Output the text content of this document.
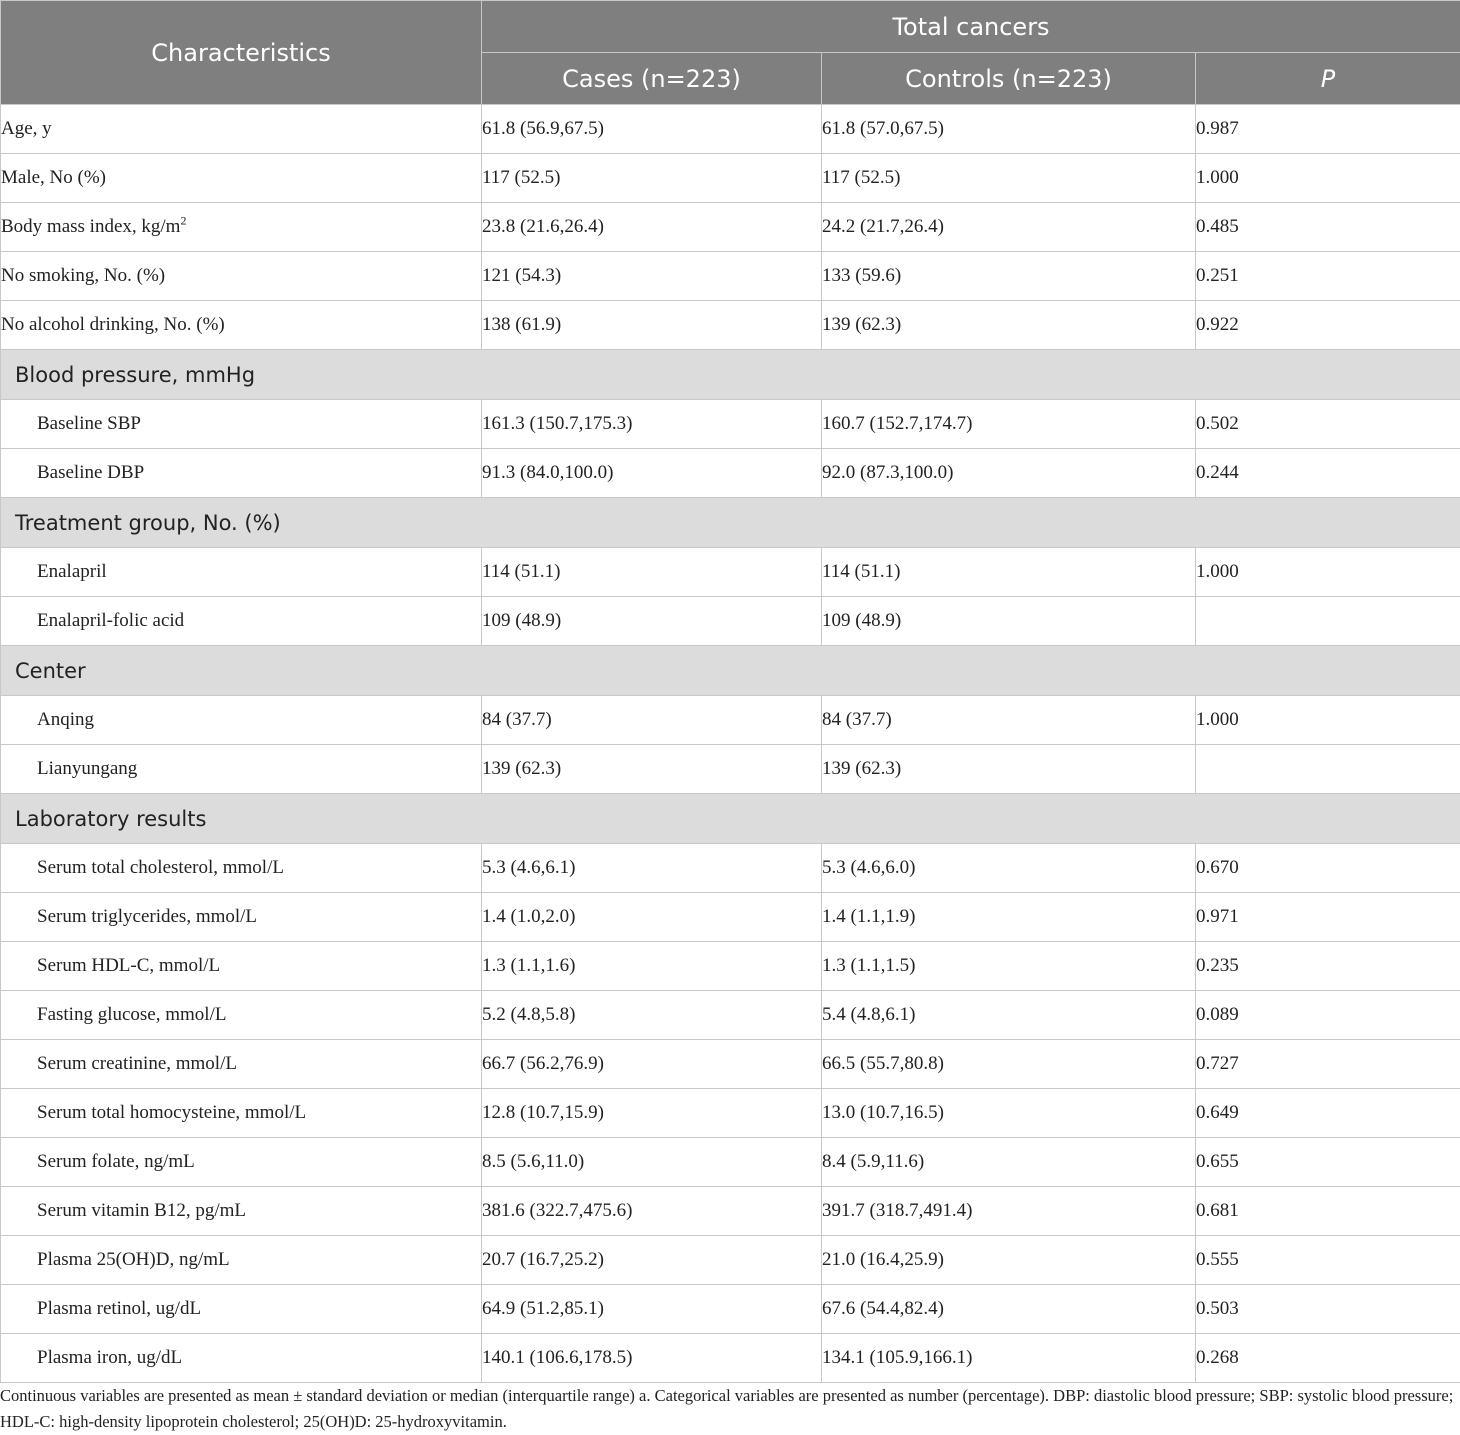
Characteristics	Total cancers		
	Cases (n=223)	Controls (n=223)	P
Age, y	61.8 (56.9,67.5)	61.8 (57.0,67.5)	0.987
Male, No (%)	117 (52.5)	117 (52.5)	1.000
Body mass index, $kg/m^2$	23.8 (21.6,26.4)	24.2 (21.7,26.4)	0.485
No smoking, No. (%)	121 (54.3)	133 (59.6)	0.251
No alcohol drinking, No. (%)	138 (61.9)	139 (62.3)	0.922
Blood pressure, mmHg			
Baseline SBP	161.3 (150.7,175.3)	160.7 (152.7,174.7)	0.502
Baseline DBP	91.3 (84.0,100.0)	92.0 (87.3,100.0)	0.244
Treatment group, No. (%)			
Enalapril	114 (51.1)	114 (51.1)	1.000
Enalapril-folic acid	109 (48.9)	109 (48.9)	
Center			
Anqing	84 (37.7)	84 (37.7)	1.000
Lianyungang	139 (62.3)	139 (62.3)	
Laboratory results			
Serum total cholesterol, mmol/L	5.3 (4.6,6.1)	5.3 (4.6,6.0)	0.670
Serum triglycerides, mmol/L	1.4 (1.0,2.0)	1.4 (1.1,1.9)	0.971
Serum HDL-C, mmol/L	1.3 (1.1,1.6)	1.3 (1.1,1.5)	0.235
Fasting glucose, mmol/L	5.2 (4.8,5.8)	5.4 (4.8,6.1)	0.089
Serum creatinine, mmol/L	66.7 (56.2,76.9)	66.5 (55.7,80.8)	0.727
Serum total homocysteine, mmol/L	12.8 (10.7,15.9)	13.0 (10.7,16.5)	0.649
Serum folate, ng/mL	8.5 (5.6,11.0)	8.4 (5.9,11.6)	0.655
Serum vitamin B12, pg/mL	381.6 (322.7,475.6)	391.7 (318.7,491.4)	0.681
Plasma 25(OH)D, ng/mL	20.7 (16.7,25.2)	21.0 (16.4,25.9)	0.555
Plasma retinol, ug/dL	64.9 (51.2,85.1)	67.6 (54.4,82.4)	0.503
Plasma iron, ug/dL	140.1 (106.6,178.5)	134.1 (105.9,166.1)	0.268
Continuous variables are presented as mean ± standard deviation or median (interquartile range) a. Categorical variables are presented as number (percentage). DBP: diastolic blood pressure; SBP: systolic blood pressure; HDL-C: high-density lipoprotein cholesterol; 25(OH)D: 25-hydroxyvitamin.
